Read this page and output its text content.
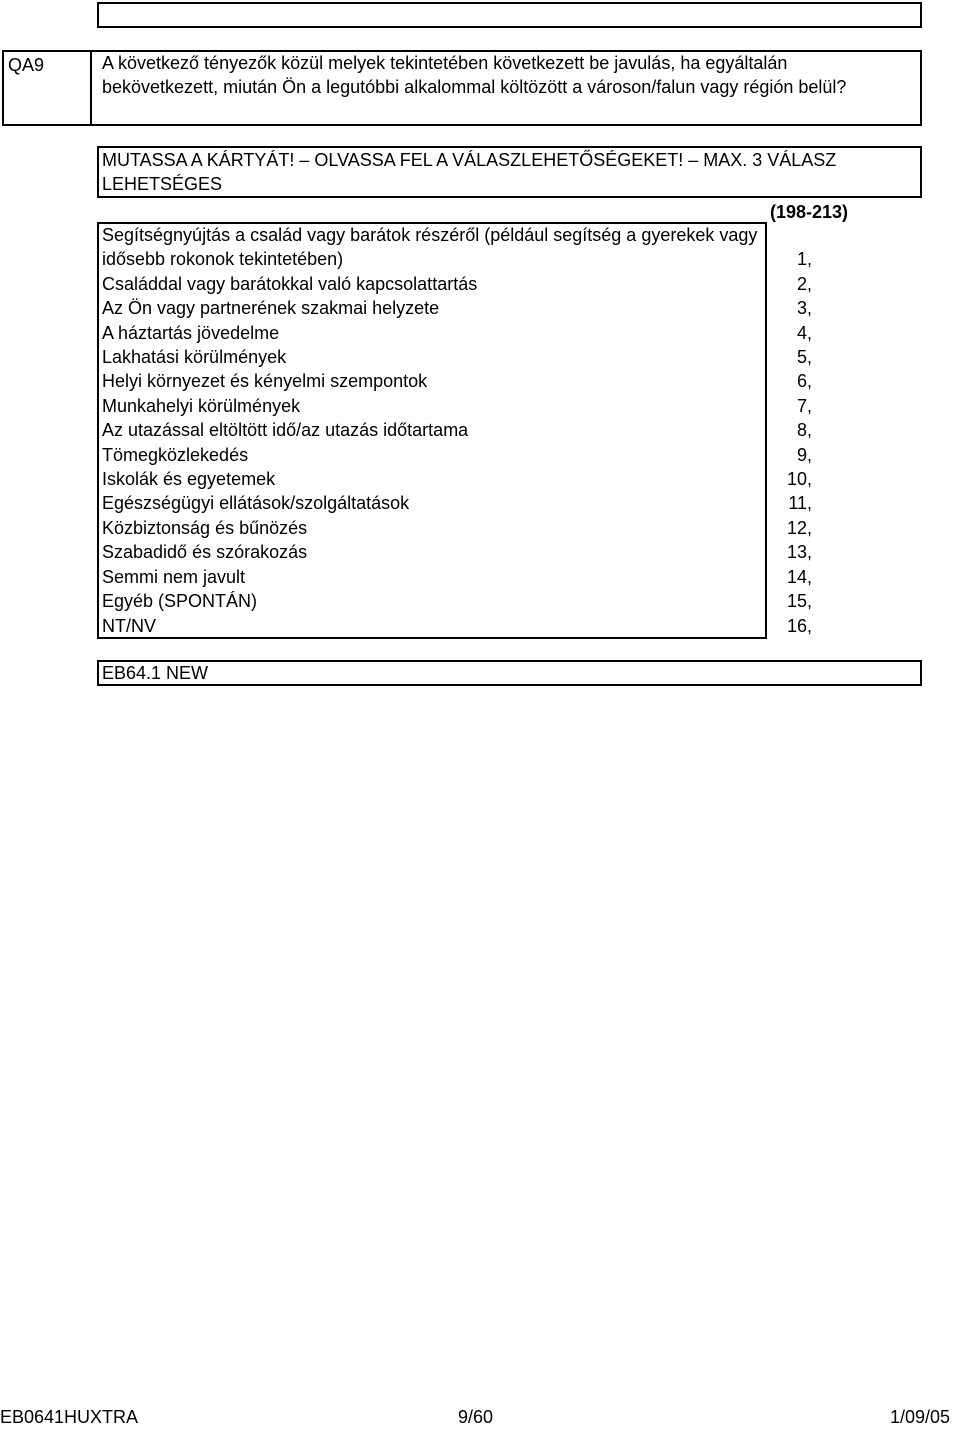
QA9	A következő tényezők közül melyek tekintetében következett be javulás, ha egyáltalán bekövetkezett, miután Ön a legutóbbi alkalommal költözött a városon/falun vagy régión belül?
MUTASSA A KÁRTYÁT! – OLVASSA FEL A VÁLASZLEHETŐSÉGEKET! – MAX. 3 VÁLASZ LEHETSÉGES
(198-213)
Segítségnyújtás a család vagy barátok részéről (például segítség a gyerekek vagy idősebb rokonok tekintetében)	1,
Családdal vagy barátokkal való kapcsolattartás	2,
Az Ön vagy partnerének szakmai helyzete	3,
A háztartás jövedelme	4,
Lakhatási körülmények	5,
Helyi környezet és kényelmi szempontok	6,
Munkahelyi körülmények	7,
Az utazással eltöltött idő/az utazás időtartama	8,
Tömegközlekedés	9,
Iskolák és egyetemek	10,
Egészségügyi ellátások/szolgáltatások	11,
Közbiztonság és bűnözés	12,
Szabadidő és szórakozás	13,
Semmi nem javult	14,
Egyéb (SPONTÁN)	15,
NT/NV	16,
EB64.1 NEW
EB0641HUXTRA	9/60	1/09/05
